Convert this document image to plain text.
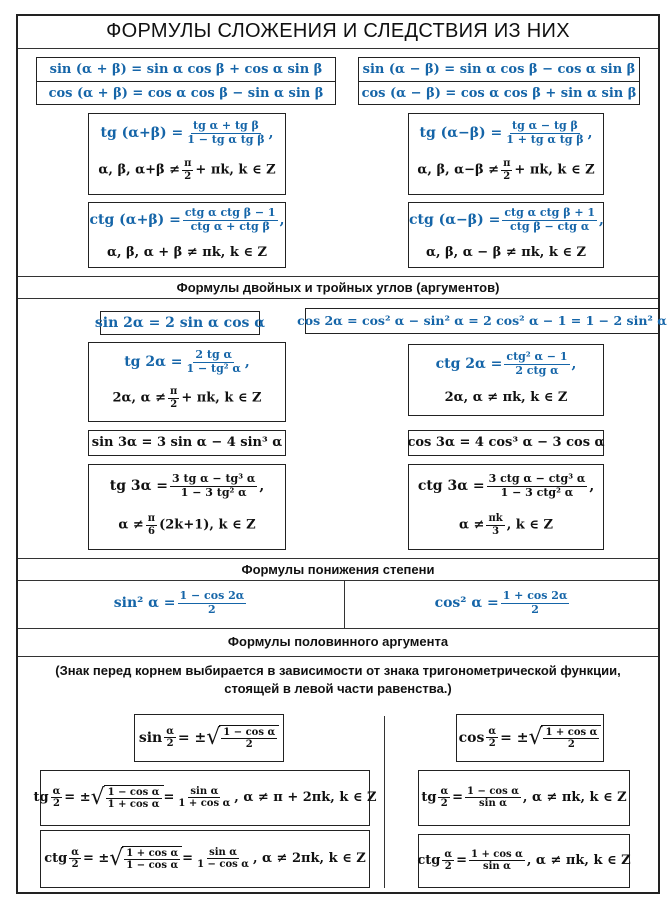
ФОРМУЛЫ СЛОЖЕНИЯ И СЛЕДСТВИЯ ИЗ НИХ
sin (α + β) = sin α cos β + cos α sin β
cos (α + β) = cos α cos β − sin α sin β
sin (α − β) = sin α cos β − cos α sin β
cos (α − β) = cos α cos β + sin α sin β
tg $(\alpha+\beta) = \frac{\text{tg α + tg β}}{\text{1 − tg α tg β}}$ ,
α, β, $\alpha+\beta \ne \frac{\pi}{2} + \pi k$, k ∈ Z
tg $(\alpha-\beta) = \frac{\text{tg α − tg β}}{\text{1 + tg α tg β}}$ ,
α, β, $\alpha-\beta \ne \frac{\pi}{2} + \pi k$, k ∈ Z
ctg $(\alpha+\beta) = \frac{\text{ctg α ctg β − 1}}{\text{ctg α + ctg β}}$ ,
α, β, α + β ≠ πk, k ∈ Z
ctg $(\alpha-\beta) = \frac{\text{ctg α ctg β + 1}}{\text{ctg β − ctg α}}$ ,
α, β, α − β ≠ πk, k ∈ Z
Формулы двойных и тройных углов (аргументов)
sin 2α = 2 sin α cos α	cos 2α = cos² α − sin² α = 2 cos² α − 1 = 1 − 2 sin² α
tg $2\alpha = \frac{\text{2 tg α}}{\text{1 − tg² α}}$ ,
2α, $\alpha \ne \frac{\pi}{2} + \pi k$, k ∈ Z
ctg $2\alpha = \frac{\text{ctg² α − 1}}{\text{2 ctg α}}$ ,
2α, α ≠ πk, k ∈ Z
sin 3α = 3 sin α − 4 sin³ α	cos 3α = 4 cos³ α − 3 cos α
tg $3\alpha = \frac{\text{3 tg α − tg³ α}}{\text{1 − 3 tg² α}}$ ,
$\alpha \ne \frac{\pi}{6} (2k+1)$, k ∈ Z
ctg $3\alpha = \frac{\text{3 ctg α − ctg³ α}}{\text{1 − 3 ctg² α}}$ ,
$\alpha \ne \frac{\pi k}{3}$ , k ∈ Z
Формулы понижения степени
sin² $\alpha = \frac{1 - \cos 2\alpha}{2}$	cos² $\alpha = \frac{1 + \cos 2\alpha}{2}$
Формулы половинного аргумента
(Знак перед корнем выбирается в зависимости от знака тригонометрической функции, стоящей в левой части равенства.)
$\sin \frac{\alpha}{2}$ = ± √ $\frac{\text{1 − cos α}}{2}$	$\cos \frac{\alpha}{2}$ = ± √ $\frac{\text{1 + cos α}}{2}$
tg $\frac{\alpha}{2}$ = ± √ $\frac{\text{1 − cos α}}{\text{1 + cos α}} = \frac{\text{sin α}}{\text{1 + cos α}}$ , α ≠ π + 2πk, k ∈ Z	tg $\frac{\alpha}{2} = \frac{\text{1 − cos α}}{\text{sin α}}$ , α ≠ πk, k ∈ Z
ctg $\frac{\alpha}{2}$ = ± √ $\frac{\text{1 + cos α}}{\text{1 − cos α}} = \frac{\text{sin α}}{\text{1 − cos α}}$ , α ≠ 2πk, k ∈ Z	ctg $\frac{\alpha}{2} = \frac{\text{1 + cos α}}{\text{sin α}}$ , α ≠ πk, k ∈ Z
